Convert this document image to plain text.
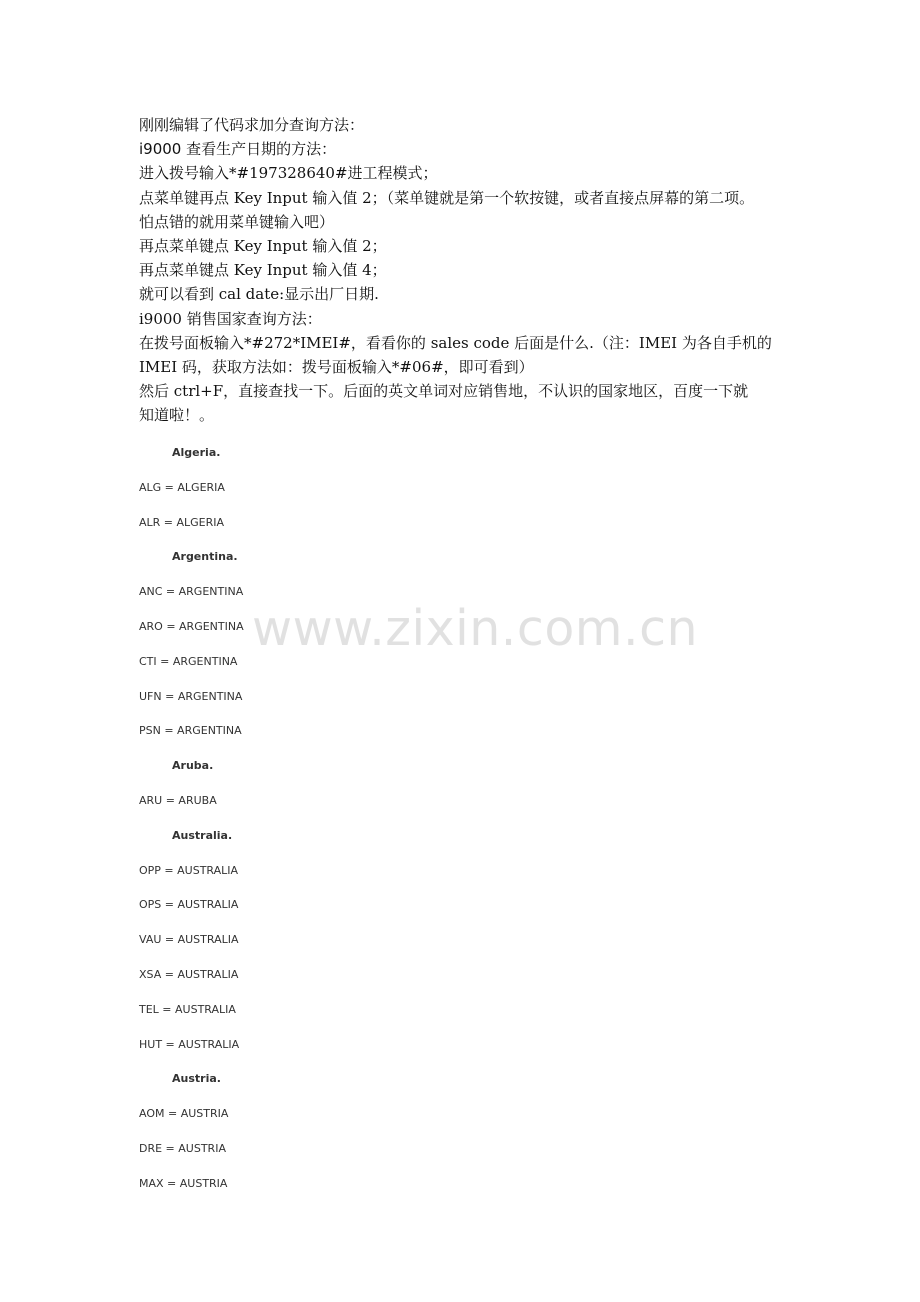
刚刚编辑了代码求加分查询方法：

i9000 查看生产日期的方法：

进入拨号输入*#197328640#进工程模式；

点菜单键再点 Key Input 输入值 2；（菜单键就是第一个软按键，或者直接点屏幕的第二项。

怕点错的就用菜单键输入吧）

再点菜单键点 Key Input 输入值 2；

再点菜单键点 Key Input 输入值 4；

就可以看到 cal date:显示出厂日期.

i9000 销售国家查询方法：

在拨号面板输入*#272*IMEI#，看看你的 sales code 后面是什么.（注：IMEI 为各自手机的

IMEI 码，获取方法如：拨号面板输入*#06#，即可看到）

然后 ctrl+F，直接查找一下。后面的英文单词对应销售地，不认识的国家地区，百度一下就

知道啦！。

Algeria.
ALG = ALGERIA
ALR = ALGERIA
Argentina.
ANC = ARGENTINA
ARO = ARGENTINA
CTI = ARGENTINA
UFN = ARGENTINA
PSN = ARGENTINA
Aruba.
ARU = ARUBA
Australia.
OPP = AUSTRALIA
OPS = AUSTRALIA
VAU = AUSTRALIA
XSA = AUSTRALIA
TEL = AUSTRALIA
HUT = AUSTRALIA
Austria.
AOM = AUSTRIA
DRE = AUSTRIA
MAX = AUSTRIA
www.zixin.com.cn
